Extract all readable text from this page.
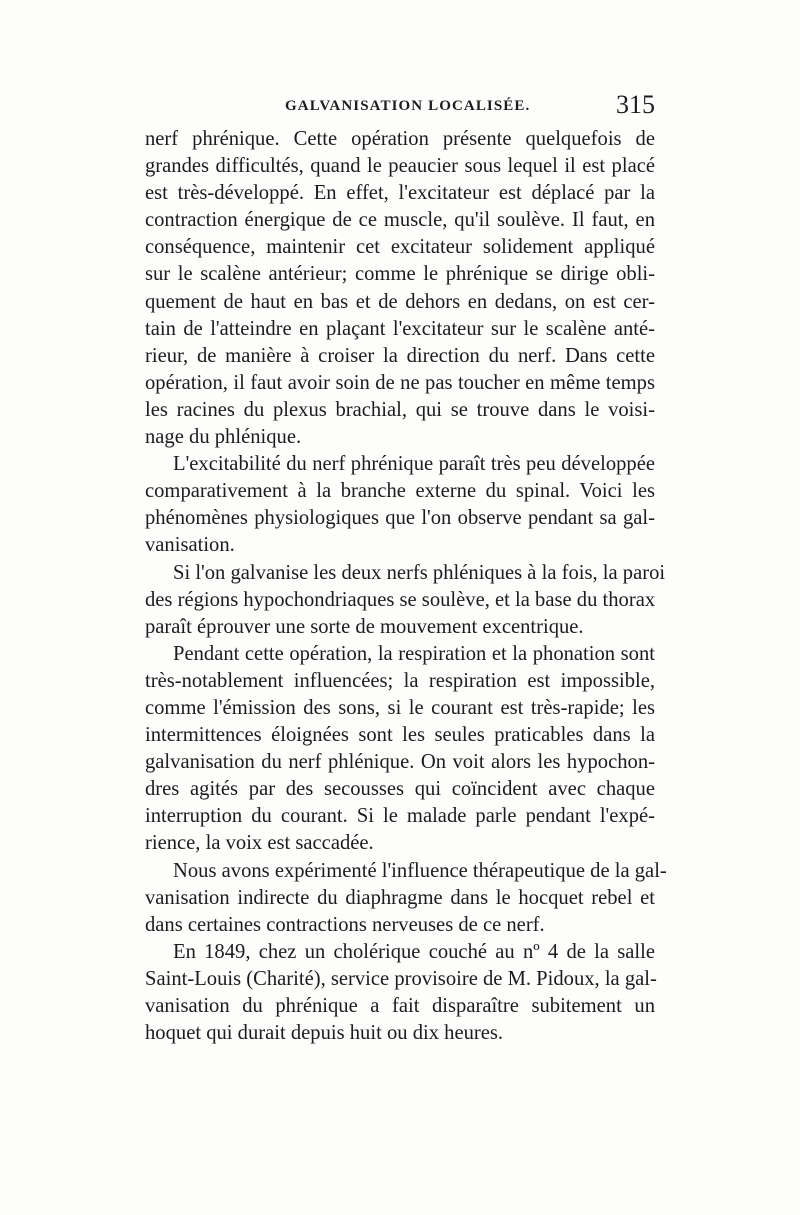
GALVANISATION LOCALISÉE.	315
nerf phrénique. Cette opération présente quelquefois de
grandes difficultés, quand le peaucier sous lequel il est placé
est très-développé. En effet, l'excitateur est déplacé par la
contraction énergique de ce muscle, qu'il soulève. Il faut, en
conséquence, maintenir cet excitateur solidement appliqué
sur le scalène antérieur; comme le phrénique se dirige obli-
quement de haut en bas et de dehors en dedans, on est cer-
tain de l'atteindre en plaçant l'excitateur sur le scalène anté-
rieur, de manière à croiser la direction du nerf. Dans cette
opération, il faut avoir soin de ne pas toucher en même temps
les racines du plexus brachial, qui se trouve dans le voisi-
nage du phlénique.
L'excitabilité du nerf phrénique paraît très peu développée
comparativement à la branche externe du spinal. Voici les
phénomènes physiologiques que l'on observe pendant sa gal-
vanisation.
Si l'on galvanise les deux nerfs phléniques à la fois, la paroi
des régions hypochondriaques se soulève, et la base du thorax
paraît éprouver une sorte de mouvement excentrique.
Pendant cette opération, la respiration et la phonation sont
très-notablement influencées; la respiration est impossible,
comme l'émission des sons, si le courant est très-rapide; les
intermittences éloignées sont les seules praticables dans la
galvanisation du nerf phlénique. On voit alors les hypochon-
dres agités par des secousses qui coïncident avec chaque
interruption du courant. Si le malade parle pendant l'expé-
rience, la voix est saccadée.
Nous avons expérimenté l'influence thérapeutique de la gal-
vanisation indirecte du diaphragme dans le hocquet rebel et
dans certaines contractions nerveuses de ce nerf.
En 1849, chez un cholérique couché au nº 4 de la salle
Saint-Louis (Charité), service provisoire de M. Pidoux, la gal-
vanisation du phrénique a fait disparaître subitement un
hoquet qui durait depuis huit ou dix heures.
